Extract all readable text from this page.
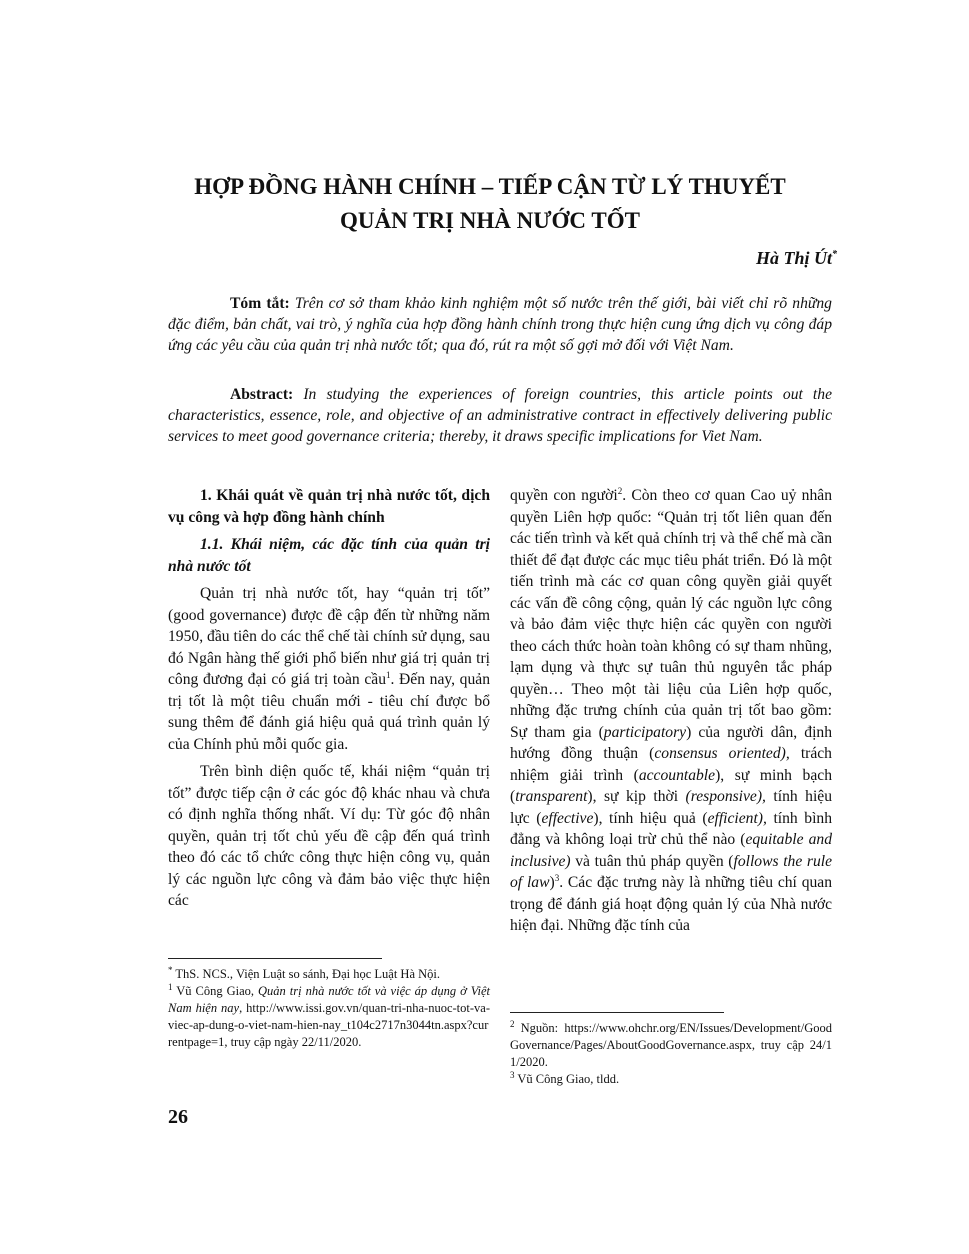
HỢP ĐỒNG HÀNH CHÍNH – TIẾP CẬN TỪ LÝ THUYẾT
QUẢN TRỊ NHÀ NƯỚC TỐT

Hà Thị Út*

Tóm tắt: Trên cơ sở tham khảo kinh nghiệm một số nước trên thế giới, bài viết chỉ rõ những đặc điểm, bản chất, vai trò, ý nghĩa của hợp đồng hành chính trong thực hiện cung ứng dịch vụ công đáp ứng các yêu cầu của quản trị nhà nước tốt; qua đó, rút ra một số gợi mở đối với Việt Nam.

Abstract: In studying the experiences of foreign countries, this article points out the characteristics, essence, role, and objective of an administrative contract in effectively delivering public services to meet good governance criteria; thereby, it draws specific implications for Viet Nam.

1. Khái quát về quản trị nhà nước tốt, dịch vụ công và hợp đồng hành chính

1.1. Khái niệm, các đặc tính của quản trị nhà nước tốt

Quản trị nhà nước tốt, hay “quản trị tốt” (good governance) được đề cập đến từ những năm 1950, đầu tiên do các thể chế tài chính sử dụng, sau đó Ngân hàng thế giới phổ biến như giá trị quản trị công đương đại có giá trị toàn cầu$^1$. Đến nay, quản trị tốt là một tiêu chuẩn mới - tiêu chí được bổ sung thêm để đánh giá hiệu quả quá trình quản lý của Chính phủ mỗi quốc gia.

Trên bình diện quốc tế, khái niệm “quản trị tốt” được tiếp cận ở các góc độ khác nhau và chưa có định nghĩa thống nhất. Ví dụ: Từ góc độ nhân quyền, quản trị tốt chủ yếu đề cập đến quá trình theo đó các tổ chức công thực hiện công vụ, quản lý các nguồn lực công và đảm bảo việc thực hiện các

quyền con người$^2$. Còn theo cơ quan Cao uỷ nhân quyền Liên hợp quốc: “Quản trị tốt liên quan đến các tiến trình và kết quả chính trị và thể chế mà cần thiết để đạt được các mục tiêu phát triển. Đó là một tiến trình mà các cơ quan công quyền giải quyết các vấn đề công cộng, quản lý các nguồn lực công và bảo đảm việc thực hiện các quyền con người theo cách thức hoàn toàn không có sự tham nhũng, lạm dụng và thực sự tuân thủ nguyên tắc pháp quyền… Theo một tài liệu của Liên hợp quốc, những đặc trưng chính của quản trị tốt bao gồm: Sự tham gia (participatory) của người dân, định hướng đồng thuận (consensus oriented), trách nhiệm giải trình (accountable), sự minh bạch (transparent), sự kịp thời (responsive), tính hiệu lực (effective), tính hiệu quả (efficient), tính bình đẳng và không loại trừ chủ thể nào (equitable and inclusive) và tuân thủ pháp quyền (follows the rule of law)$^3$. Các đặc trưng này là những tiêu chí quan trọng để đánh giá hoạt động quản lý của Nhà nước hiện đại. Những đặc tính của

* ThS. NCS., Viện Luật so sánh, Đại học Luật Hà Nội.

$^1$ Vũ Công Giao, Quản trị nhà nước tốt và việc áp dụng ở Việt Nam hiện nay, http://www.issi.gov.vn/quan-tri-nha-nuoc-tot-va-viec-ap-dung-o-viet-nam-hien-nay_t104c2717n3044tn.aspx?currentpage=1, truy cập ngày 22/11/2020.

$^2$ Nguồn: https://www.ohchr.org/EN/Issues/Development/GoodGovernance/Pages/AboutGoodGovernance.aspx, truy cập 24/11/2020.

$^3$ Vũ Công Giao, tldd.

26
